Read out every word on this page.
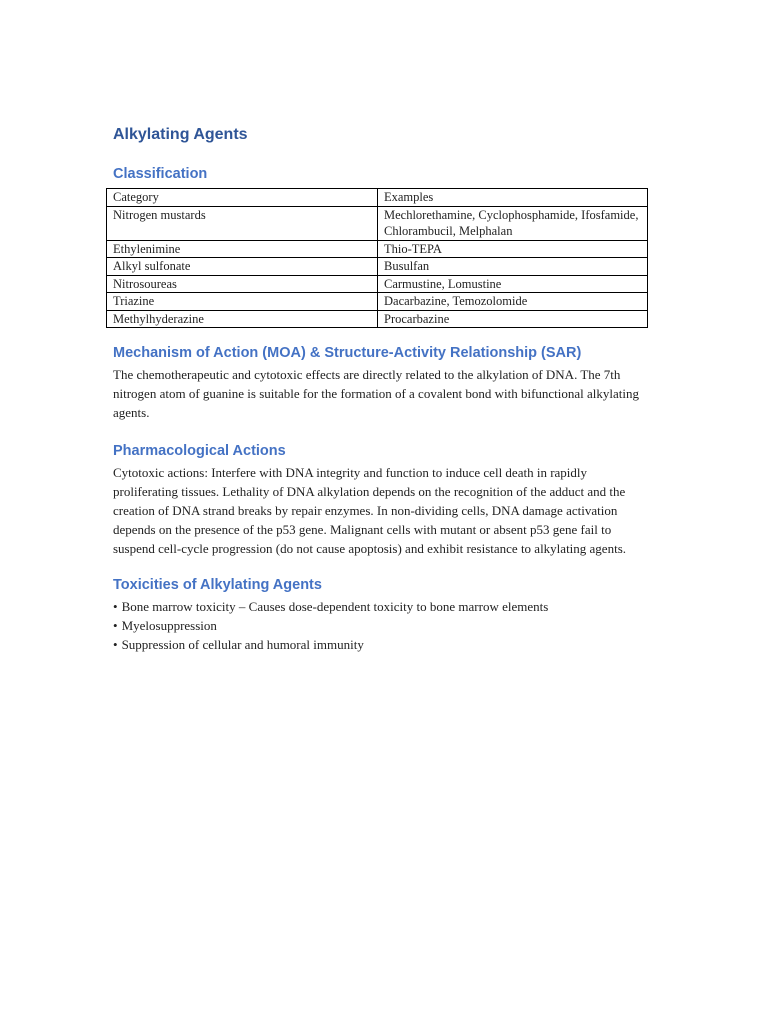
Alkylating Agents
Classification
Category	Examples
Nitrogen mustards	Mechlorethamine, Cyclophosphamide, Ifosfamide, Chlorambucil, Melphalan
Ethylenimine	Thio-TEPA
Alkyl sulfonate	Busulfan
Nitrosoureas	Carmustine, Lomustine
Triazine	Dacarbazine, Temozolomide
Methylhyderazine	Procarbazine
Mechanism of Action (MOA) & Structure-Activity Relationship (SAR)

The chemotherapeutic and cytotoxic effects are directly related to the alkylation of DNA. The 7th nitrogen atom of guanine is suitable for the formation of a covalent bond with bifunctional alkylating agents.

Pharmacological Actions

Cytotoxic actions: Interfere with DNA integrity and function to induce cell death in rapidly proliferating tissues. Lethality of DNA alkylation depends on the recognition of the adduct and the creation of DNA strand breaks by repair enzymes. In non-dividing cells, DNA damage activation depends on the presence of the p53 gene. Malignant cells with mutant or absent p53 gene fail to suspend cell-cycle progression (do not cause apoptosis) and exhibit resistance to alkylating agents.

Toxicities of Alkylating Agents
• Bone marrow toxicity – Causes dose-dependent toxicity to bone marrow elements
• Myelosuppression
• Suppression of cellular and humoral immunity
